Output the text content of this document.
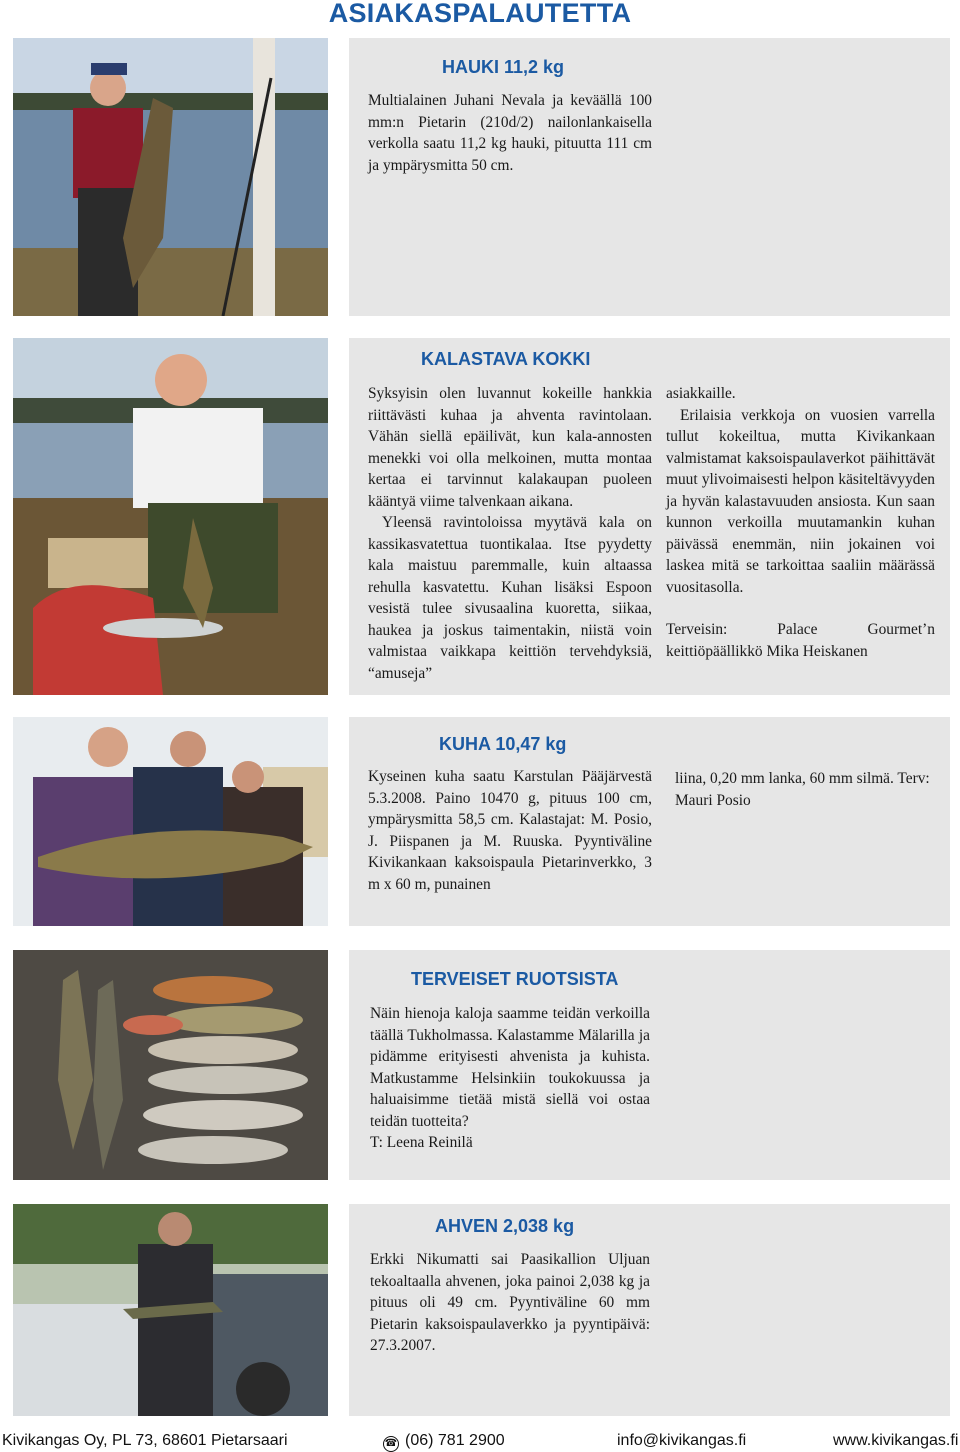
ASIAKASPALAUTETTA
HAUKI 11,2 kg

Multialainen Juhani Nevala ja keväällä 100 mm:n Pietarin (210d/2) nailonlankaisella verkolla saatu 11,2 kg hauki, pituutta 111 cm ja ympärysmitta 50 cm.

KALASTAVA KOKKI

Syksyisin olen luvannut kokeille hankkia riittävästi kuhaa ja ahventa ravintolaan. Vähän siellä epäilivät, kun kala-annosten menekki voi olla melkoinen, mutta montaa kertaa ei tarvinnut kalakaupan puoleen kääntyä viime talvenkaan aikana.

Yleensä ravintoloissa myytävä kala on kassikasvatettua tuontikalaa. Itse pyydetty kala maistuu paremmalle, kuin altaassa rehulla kasvatettu. Kuhan lisäksi Espoon vesistä tulee sivusaalina kuoretta, siikaa, haukea ja joskus taimentakin, niistä voin valmistaa vaikkapa keittiön tervehdyksiä, “amuseja”

asiakkaille.

Erilaisia verkkoja on vuosien varrella tullut kokeiltua, mutta Kivikankaan valmistamat kaksoispaulaverkot päihittävät muut ylivoimaisesti helpon käsiteltävyyden ja hyvän kalastavuuden ansiosta. Kun saan kunnon verkoilla muutamankin kuhan päivässä enemmän, niin jokainen voi laskea mitä se tarkoittaa saaliin määrässä vuositasolla.

Terveisin: Palace Gourmet’n keittiöpäällikkö Mika Heiskanen

KUHA 10,47 kg

Kyseinen kuha saatu Karstulan Pääjärvestä 5.3.2008. Paino 10470 g, pituus 100 cm, ympärysmitta 58,5 cm. Kalastajat: M. Posio, J. Piispanen ja M. Ruuska. Pyyntiväline Kivikankaan kaksoispaula Pietarinverkko, 3 m x 60 m, punainen

liina, 0,20 mm lanka, 60 mm silmä. Terv: Mauri Posio

TERVEISET RUOTSISTA

Näin hienoja kaloja saamme teidän verkoilla täällä Tukholmassa. Kalastamme Mälarilla ja pidämme erityisesti ahvenista ja kuhista. Matkustamme Helsinkiin toukokuussa ja haluaisimme tietää mistä siellä voi ostaa teidän tuotteita?

T: Leena Reinilä

AHVEN 2,038 kg

Erkki Nikumatti sai Paasikallion Uljuan tekoaltaalla ahvenen, joka painoi 2,038 kg ja pituus oli 49 cm. Pyyntiväline 60 mm Pietarin kaksoispaulaverkko ja pyyntipäivä: 27.3.2007.

Kivikangas Oy, PL 73, 68601 Pietarsaari	☎ (06) 781 2900	info@kivikangas.fi	www.kivikangas.fi
